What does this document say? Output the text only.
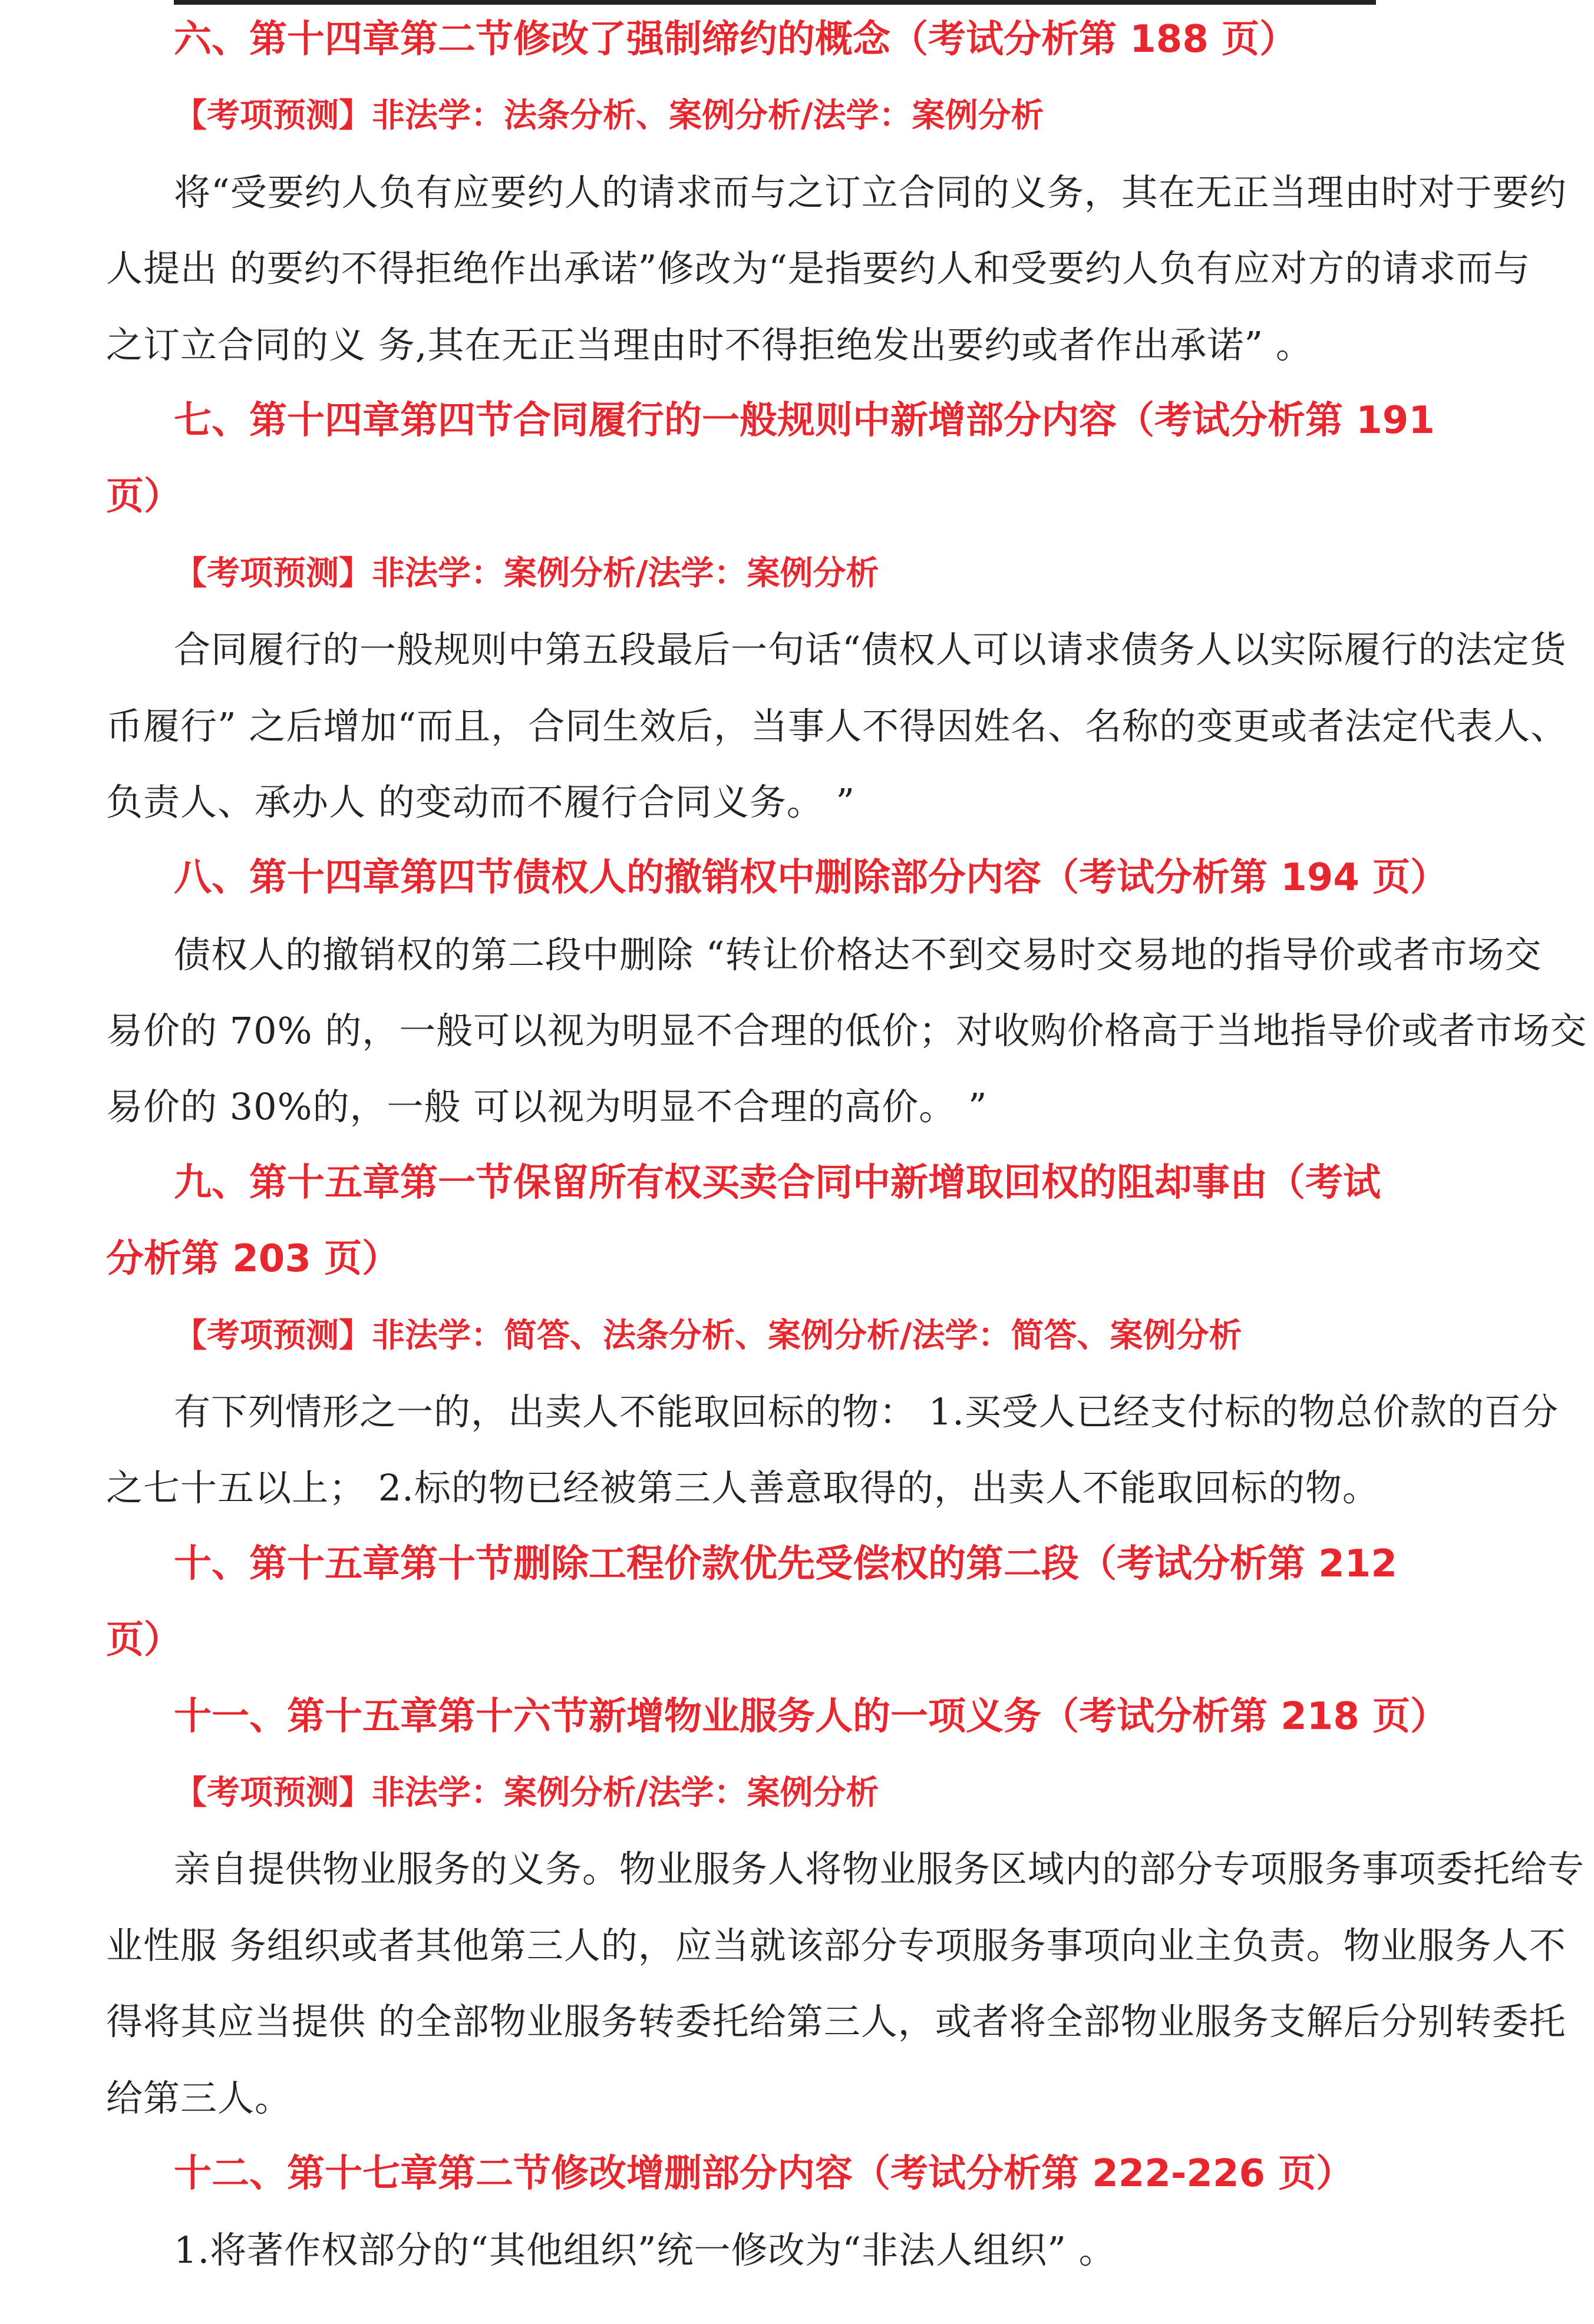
六、第十四章第二节修改了强制缔约的概念（考试分析第 188 页）
【考项预测】非法学：法条分析、案例分析/法学：案例分析
将“受要约人负有应要约人的请求而与之订立合同的义务，其在无正当理由时对于要约
人提出 的要约不得拒绝作出承诺”修改为“是指要约人和受要约人负有应对方的请求而与
之订立合同的义 务,其在无正当理由时不得拒绝发出要约或者作出承诺” 。
七、第十四章第四节合同履行的一般规则中新增部分内容（考试分析第 191
页）
【考项预测】非法学：案例分析/法学：案例分析
合同履行的一般规则中第五段最后一句话“债权人可以请求债务人以实际履行的法定货
币履行” 之后增加“而且，合同生效后，当事人不得因姓名、名称的变更或者法定代表人、
负责人、承办人 的变动而不履行合同义务。 ”
八、第十四章第四节债权人的撤销权中删除部分内容（考试分析第 194 页）
债权人的撤销权的第二段中删除 “转让价格达不到交易时交易地的指导价或者市场交
易价的 70% 的，一般可以视为明显不合理的低价；对收购价格高于当地指导价或者市场交
易价的 30%的，一般 可以视为明显不合理的高价。 ”
九、第十五章第一节保留所有权买卖合同中新增取回权的阻却事由（考试
分析第 203 页）
【考项预测】非法学：简答、法条分析、案例分析/法学：简答、案例分析
有下列情形之一的，出卖人不能取回标的物： 1.买受人已经支付标的物总价款的百分
之七十五以上； 2.标的物已经被第三人善意取得的，出卖人不能取回标的物。
十、第十五章第十节删除工程价款优先受偿权的第二段（考试分析第 212
页）
十一、第十五章第十六节新增物业服务人的一项义务（考试分析第 218 页）
【考项预测】非法学：案例分析/法学：案例分析
亲自提供物业服务的义务。物业服务人将物业服务区域内的部分专项服务事项委托给专
业性服 务组织或者其他第三人的，应当就该部分专项服务事项向业主负责。物业服务人不
得将其应当提供 的全部物业服务转委托给第三人，或者将全部物业服务支解后分别转委托
给第三人。
十二、第十七章第二节修改增删部分内容（考试分析第 222-226 页）
1.将著作权部分的“其他组织”统一修改为“非法人组织” 。
